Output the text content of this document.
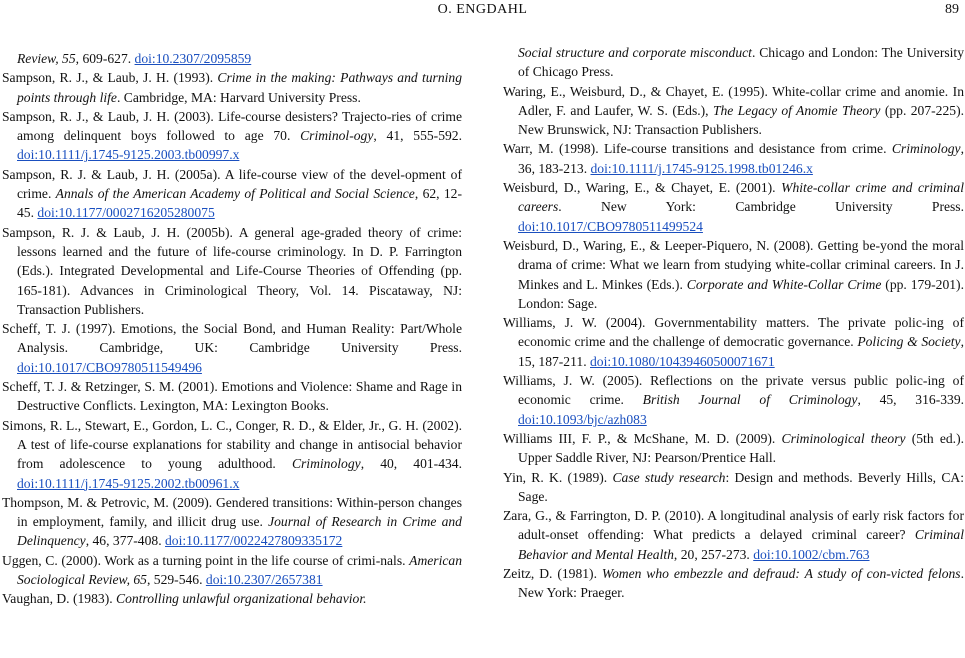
O. ENGDAHL	89

Review, 55, 609-627. doi:10.2307/2095859

Sampson, R. J., & Laub, J. H. (1993). Crime in the making: Pathways and turning points through life. Cambridge, MA: Harvard University Press.

Sampson, R. J., & Laub, J. H. (2003). Life-course desisters? Trajecto-ries of crime among delinquent boys followed to age 70. Criminol-ogy, 41, 555-592. doi:10.1111/j.1745-9125.2003.tb00997.x

Sampson, R. J. & Laub, J. H. (2005a). A life-course view of the devel-opment of crime. Annals of the American Academy of Political and Social Science, 62, 12-45. doi:10.1177/0002716205280075

Sampson, R. J. & Laub, J. H. (2005b). A general age-graded theory of crime: lessons learned and the future of life-course criminology. In D. P. Farrington (Eds.). Integrated Developmental and Life-Course Theories of Offending (pp. 165-181). Advances in Criminological Theory, Vol. 14. Piscataway, NJ: Transaction Publishers.

Scheff, T. J. (1997). Emotions, the Social Bond, and Human Reality: Part/Whole Analysis. Cambridge, UK: Cambridge University Press. doi:10.1017/CBO9780511549496

Scheff, T. J. & Retzinger, S. M. (2001). Emotions and Violence: Shame and Rage in Destructive Conflicts. Lexington, MA: Lexington Books.

Simons, R. L., Stewart, E., Gordon, L. C., Conger, R. D., & Elder, Jr., G. H. (2002). A test of life-course explanations for stability and change in antisocial behavior from adolescence to young adulthood. Criminology, 40, 401-434. doi:10.1111/j.1745-9125.2002.tb00961.x

Thompson, M. & Petrovic, M. (2009). Gendered transitions: Within-person changes in employment, family, and illicit drug use. Journal of Research in Crime and Delinquency, 46, 377-408. doi:10.1177/0022427809335172

Uggen, C. (2000). Work as a turning point in the life course of crimi-nals. American Sociological Review, 65, 529-546. doi:10.2307/2657381

Vaughan, D. (1983). Controlling unlawful organizational behavior.

Social structure and corporate misconduct. Chicago and London: The University of Chicago Press.

Waring, E., Weisburd, D., & Chayet, E. (1995). White-collar crime and anomie. In Adler, F. and Laufer, W. S. (Eds.), The Legacy of Anomie Theory (pp. 207-225). New Brunswick, NJ: Transaction Publishers.

Warr, M. (1998). Life-course transitions and desistance from crime. Criminology, 36, 183-213. doi:10.1111/j.1745-9125.1998.tb01246.x

Weisburd, D., Waring, E., & Chayet, E. (2001). White-collar crime and criminal careers. New York: Cambridge University Press. doi:10.1017/CBO9780511499524

Weisburd, D., Waring, E., & Leeper-Piquero, N. (2008). Getting be-yond the moral drama of crime: What we learn from studying white-collar criminal careers. In J. Minkes and L. Minkes (Eds.). Corporate and White-Collar Crime (pp. 179-201). London: Sage.

Williams, J. W. (2004). Governmentability matters. The private polic-ing of economic crime and the challenge of democratic governance. Policing & Society, 15, 187-211. doi:10.1080/10439460500071671

Williams, J. W. (2005). Reflections on the private versus public polic-ing of economic crime. British Journal of Criminology, 45, 316-339. doi:10.1093/bjc/azh083

Williams III, F. P., & McShane, M. D. (2009). Criminological theory (5th ed.). Upper Saddle River, NJ: Pearson/Prentice Hall.

Yin, R. K. (1989). Case study research: Design and methods. Beverly Hills, CA: Sage.

Zara, G., & Farrington, D. P. (2010). A longitudinal analysis of early risk factors for adult-onset offending: What predicts a delayed criminal career? Criminal Behavior and Mental Health, 20, 257-273. doi:10.1002/cbm.763

Zeitz, D. (1981). Women who embezzle and defraud: A study of con-victed felons. New York: Praeger.
